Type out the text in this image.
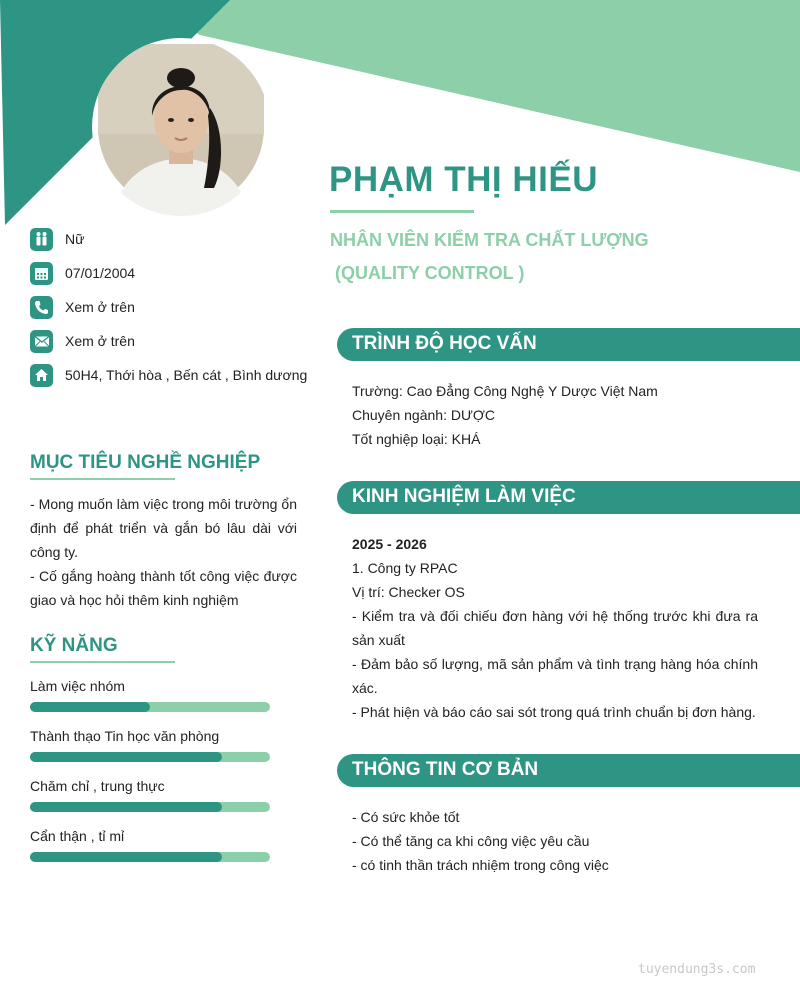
PHẠM THỊ HIẾU
NHÂN VIÊN KIỂM TRA CHẤT LƯỢNG
(QUALITY CONTROL )
Nữ
07/01/2004
Xem ở trên
Xem ở trên
50H4, Thới hòa , Bến cát , Bình dương
MỤC TIÊU NGHỀ NGHIỆP

- Mong muốn làm việc trong môi trường ổn định để phát triển và gắn bó lâu dài với công ty.

- Cố gắng hoàng thành tốt công việc được giao và học hỏi thêm kinh nghiệm

KỸ NĂNG
Làm việc nhóm
Thành thạo Tin học văn phòng
Chăm chỉ , trung thực
Cẩn thận , tỉ mỉ
TRÌNH ĐỘ HỌC VẤN

Trường: Cao Đẳng Công Nghệ Y Dược Việt Nam

Chuyên ngành: DƯỢC

Tốt nghiệp loại: KHÁ

KINH NGHIỆM LÀM VIỆC

2025 - 2026

1. Công ty RPAC

Vị trí: Checker OS

- Kiểm tra và đối chiếu đơn hàng với hệ thống trước khi đưa ra sản xuất

- Đảm bảo số lượng, mã sản phẩm và tình trạng hàng hóa chính xác.

- Phát hiện và báo cáo sai sót trong quá trình chuẩn bị đơn hàng.

THÔNG TIN CƠ BẢN

- Có sức khỏe tốt

- Có thể tăng ca khi công việc yêu cầu

- có tinh thần trách nhiệm trong công việc

tuyendung3s.com
